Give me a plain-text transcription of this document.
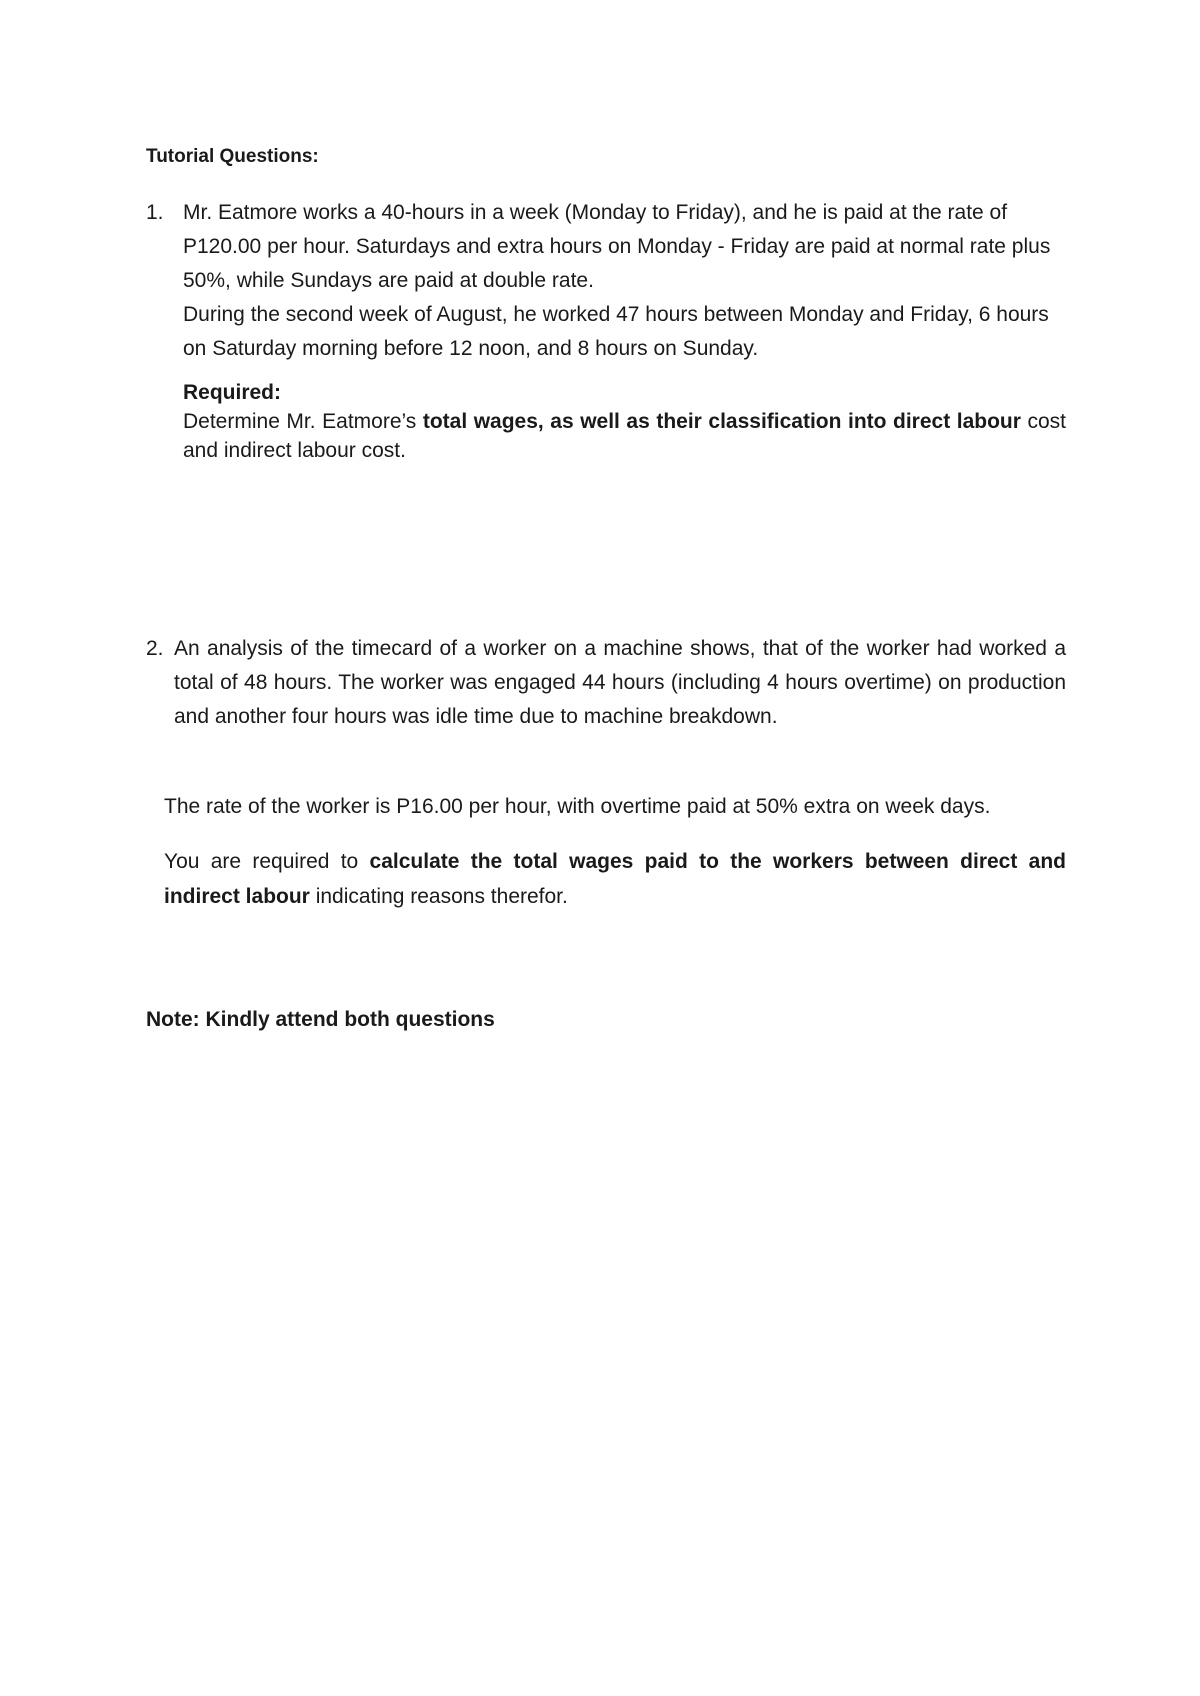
Tutorial Questions:
1. Mr. Eatmore works a 40-hours in a week (Monday to Friday), and he is paid at the rate of P120.00 per hour. Saturdays and extra hours on Monday - Friday are paid at normal rate plus 50%, while Sundays are paid at double rate.
During the second week of August, he worked 47 hours between Monday and Friday, 6 hours on Saturday morning before 12 noon, and 8 hours on Sunday.
Required:
Determine Mr. Eatmore’s total wages, as well as their classification into direct labour cost and indirect labour cost.
2. An analysis of the timecard of a worker on a machine shows, that of the worker had worked a total of 48 hours. The worker was engaged 44 hours (including 4 hours overtime) on production and another four hours was idle time due to machine breakdown.
The rate of the worker is P16.00 per hour, with overtime paid at 50% extra on week days.
You are required to calculate the total wages paid to the workers between direct and indirect labour indicating reasons therefor.
Note: Kindly attend both questions
